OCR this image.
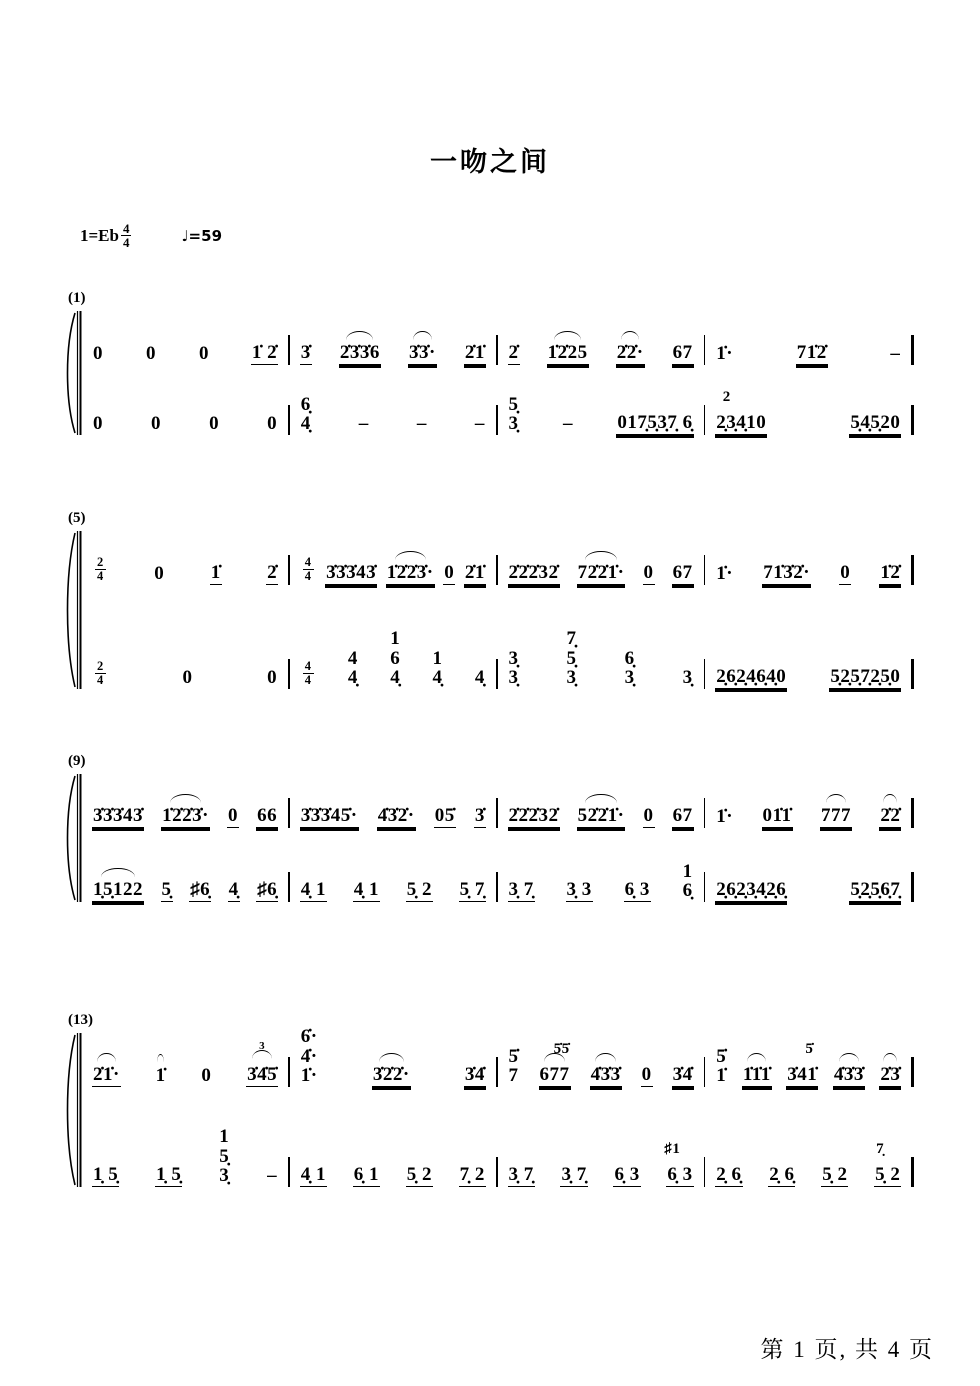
一吻之间
$1=Eb \frac{4}{4}$	♩=59
(1)
0 0 0 1̇ 2̇ 3̇ 2̇3̇3̇6 3̇3̇· 2̇1̇ 2̇ 1̇2̇25 2̇2̇· 67 1̇·	71̇2̇	–
0	0	0	0
6̣
4̣	–	–	–
5̣
3̣ – 017̣5̣3̣7̣ 6̣ 2̣3̣4̣10
2
5̣4̣5̣20
(5)
$\frac{2}{4}$	0 1̇ 2̇ $\frac{4}{4}$ 3̇3̇3̇43̇ 1̇2̇2̇3̇· 0 2̇1̇ 2̇2̇2̇32̇ 72̇2̇1̇· 0 67 1̇· 71̇3̇2̇· 0 1̇2̇
$\frac{2}{4}$	0	$0 \frac{4}{4}$
4
4̣
1
6
4̣
1
4̣ 4̣
3̣
3̣
7̣
5̣
3̣
6̣
3̣	3̣ 2̣6̣2̣4̣6̣4̣0 5̣2̣5̣7̣2̣5̣0
(9)
3̇3̇3̇43̇ 1̇2̇2̇3̇· 0 66 3̇3̇3̇45̇· 4̇3̇2̇· 05̇ 3̇ 2̇2̇2̇32̇ 52̇2̇1̇· 0 67 1̇· 01̇1̇ 777 2̇2̇
1̣5̣122 5̣ ♯6̣ 4̣ ♯6̣ 4̣ 1 4̣ 1 5̣ 2 5̣ 7̣ 3̣ 7̣ 3̣ 3 6̣ 3
1
6̣ 2̣6̣2̣3̣4̣2̣6̣	5̣2̣5̣6̣7̣
(13)
2̇1̇· 1̇ 0 3̇4̇5̇
3 6̇·
4̇·
1̇·	3̇2̇2̇·	3̇4̇
5̇
7 677
5̇5̇
4̇3̇3̇ 0 3̇4̇
5̇
1̇ 1̇1̇1̇ 3̇41̇
5̇
4̇3̇3̇ 2̇3̇
1̣ 5̣ 1̣ 5̣
1
5̣
3̣ – 4̣ 1 6̣ 1 5̣ 2 7̣ 2 3̣ 7̣ 3̣ 7̣ 6̣ 3 6̣ 3
♯1
2̣ 6̣ 2̣ 6̣ 5̣ 2 5̣ 2
7̣
第 1 页, 共 4 页
